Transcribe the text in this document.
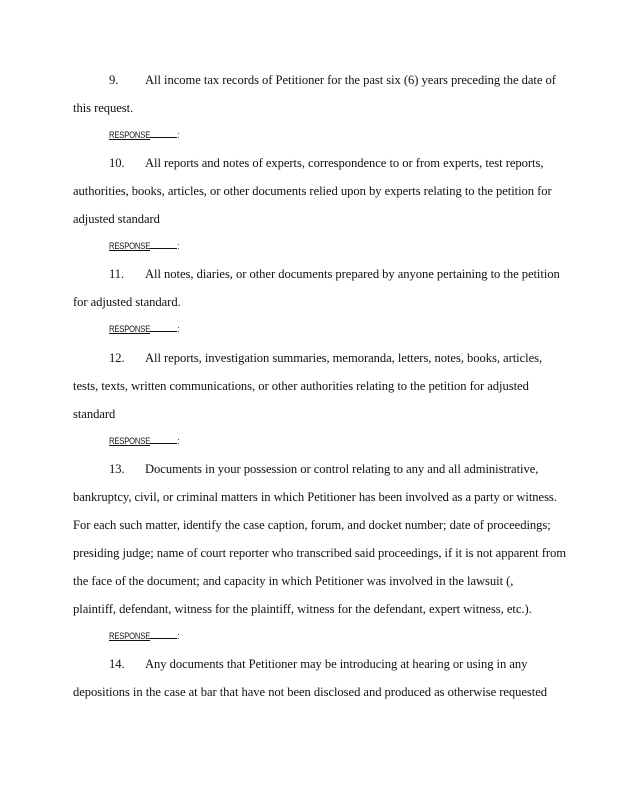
9. All income tax records of Petitioner for the past six (6) years preceding the date of
this request.
RESPONSE	:
10. All reports and notes of experts, correspondence to or from experts, test reports,
authorities, books, articles, or other documents relied upon by experts relating to the petition for
adjusted standard
RESPONSE	:
11. All notes, diaries, or other documents prepared by anyone pertaining to the petition
for adjusted standard.
RESPONSE	:
12. All reports, investigation summaries, memoranda, letters, notes, books, articles,
tests, texts, written communications, or other authorities relating to the petition for adjusted
standard
RESPONSE	:
13. Documents in your possession or control relating to any and all administrative,
bankruptcy, civil, or criminal matters in which Petitioner has been involved as a party or witness.
For each such matter, identify the case caption, forum, and docket number; date of proceedings;
presiding judge; name of court reporter who transcribed said proceedings, if it is not apparent from
the face of the document; and capacity in which Petitioner was involved in the lawsuit (,
plaintiff, defendant, witness for the plaintiff, witness for the defendant, expert witness, etc.).
RESPONSE	:
14. Any documents that Petitioner may be introducing at hearing or using in any
depositions in the case at bar that have not been disclosed and produced as otherwise requested
